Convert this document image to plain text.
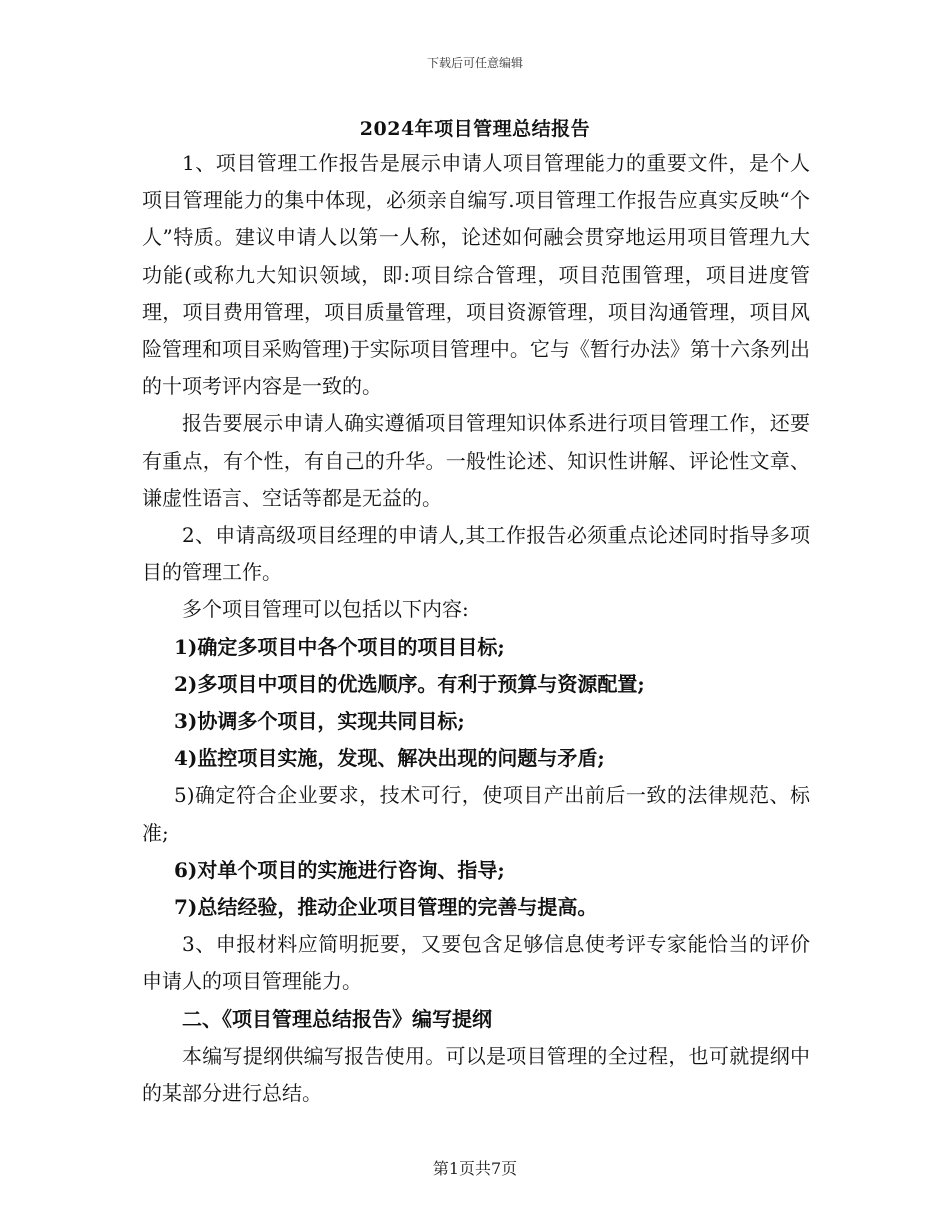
下载后可任意编辑
2024年项目管理总结报告

1、项目管理工作报告是展示申请人项目管理能力的重要文件，是个人项目管理能力的集中体现，必须亲自编写.项目管理工作报告应真实反映“个人”特质。建议申请人以第一人称，论述如何融会贯穿地运用项目管理九大功能(或称九大知识领域，即:项目综合管理，项目范围管理，项目进度管理，项目费用管理，项目质量管理，项目资源管理，项目沟通管理，项目风险管理和项目采购管理)于实际项目管理中。它与《暂行办法》第十六条列出的十项考评内容是一致的。

报告要展示申请人确实遵循项目管理知识体系进行项目管理工作，还要有重点，有个性，有自己的升华。一般性论述、知识性讲解、评论性文章、谦虚性语言、空话等都是无益的。

2、申请高级项目经理的申请人,其工作报告必须重点论述同时指导多项目的管理工作。

多个项目管理可以包括以下内容:

1)确定多项目中各个项目的项目目标;

2)多项目中项目的优选顺序。有利于预算与资源配置;

3)协调多个项目，实现共同目标;

4)监控项目实施，发现、解决出现的问题与矛盾;

5)确定符合企业要求，技术可行，使项目产出前后一致的法律规范、标准;

6)对单个项目的实施进行咨询、指导;

7)总结经验，推动企业项目管理的完善与提高。

3、申报材料应简明扼要，又要包含足够信息使考评专家能恰当的评价申请人的项目管理能力。

二、《项目管理总结报告》编写提纲

本编写提纲供编写报告使用。可以是项目管理的全过程，也可就提纲中的某部分进行总结。

第1页共7页
